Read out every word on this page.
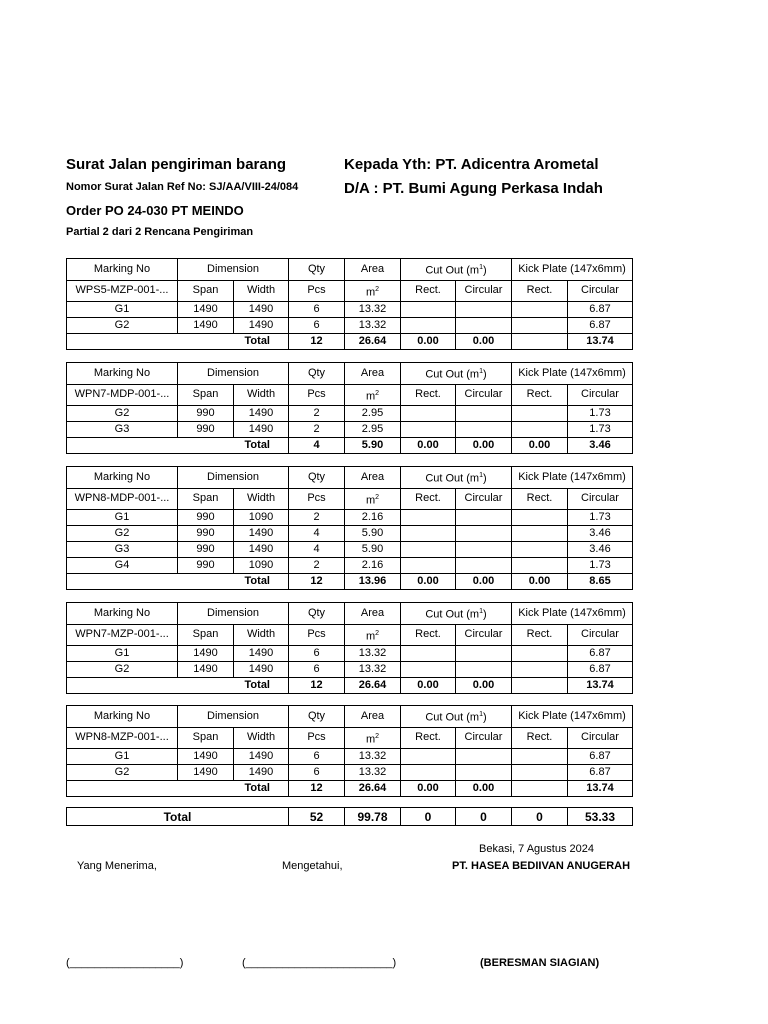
Surat Jalan pengiriman barang
Nomor Surat Jalan Ref No: SJ/AA/VIII-24/084
Order PO 24-030 PT MEINDO
Partial 2 dari 2 Rencana Pengiriman
Kepada Yth: PT. Adicentra Arometal
D/A : PT. Bumi Agung Perkasa Indah
Marking No	Dimension		Qty	Area	Cut Out $(m^1)$		Kick Plate (147x6mm)	
WPS5-MZP-001-...	Span	Width	Pcs	$m^2$	Rect.	Circular	Rect.	Circular
G1	1490	1490	6	13.32				6.87
G2	1490	1490	6	13.32				6.87
Total			12	26.64	0.00	0.00		13.74
Marking No	Dimension		Qty	Area	Cut Out $(m^1)$		Kick Plate (147x6mm)	
WPN7-MDP-001-...	Span	Width	Pcs	$m^2$	Rect.	Circular	Rect.	Circular
G2	990	1490	2	2.95				1.73
G3	990	1490	2	2.95				1.73
Total			4	5.90	0.00	0.00	0.00	3.46
Marking No	Dimension		Qty	Area	Cut Out $(m^1)$		Kick Plate (147x6mm)	
WPN8-MDP-001-...	Span	Width	Pcs	$m^2$	Rect.	Circular	Rect.	Circular
G1	990	1090	2	2.16				1.73
G2	990	1490	4	5.90				3.46
G3	990	1490	4	5.90				3.46
G4	990	1090	2	2.16				1.73
Total			12	13.96	0.00	0.00	0.00	8.65
Marking No	Dimension		Qty	Area	Cut Out $(m^1)$		Kick Plate (147x6mm)	
WPN7-MZP-001-...	Span	Width	Pcs	$m^2$	Rect.	Circular	Rect.	Circular
G1	1490	1490	6	13.32				6.87
G2	1490	1490	6	13.32				6.87
Total			12	26.64	0.00	0.00		13.74
Marking No	Dimension		Qty	Area	Cut Out $(m^1)$		Kick Plate (147x6mm)	
WPN8-MZP-001-...	Span	Width	Pcs	$m^2$	Rect.	Circular	Rect.	Circular
G1	1490	1490	6	13.32				6.87
G2	1490	1490	6	13.32				6.87
Total			12	26.64	0.00	0.00		13.74
Total	52	99.78	0	0	0	53.33
Bekasi, 7 Agustus 2024
Yang Menerima,	Mengetahui,	PT. HASEA BEDIIVAN ANUGERAH
(__________________)	(________________________)	(BERESMAN SIAGIAN)
